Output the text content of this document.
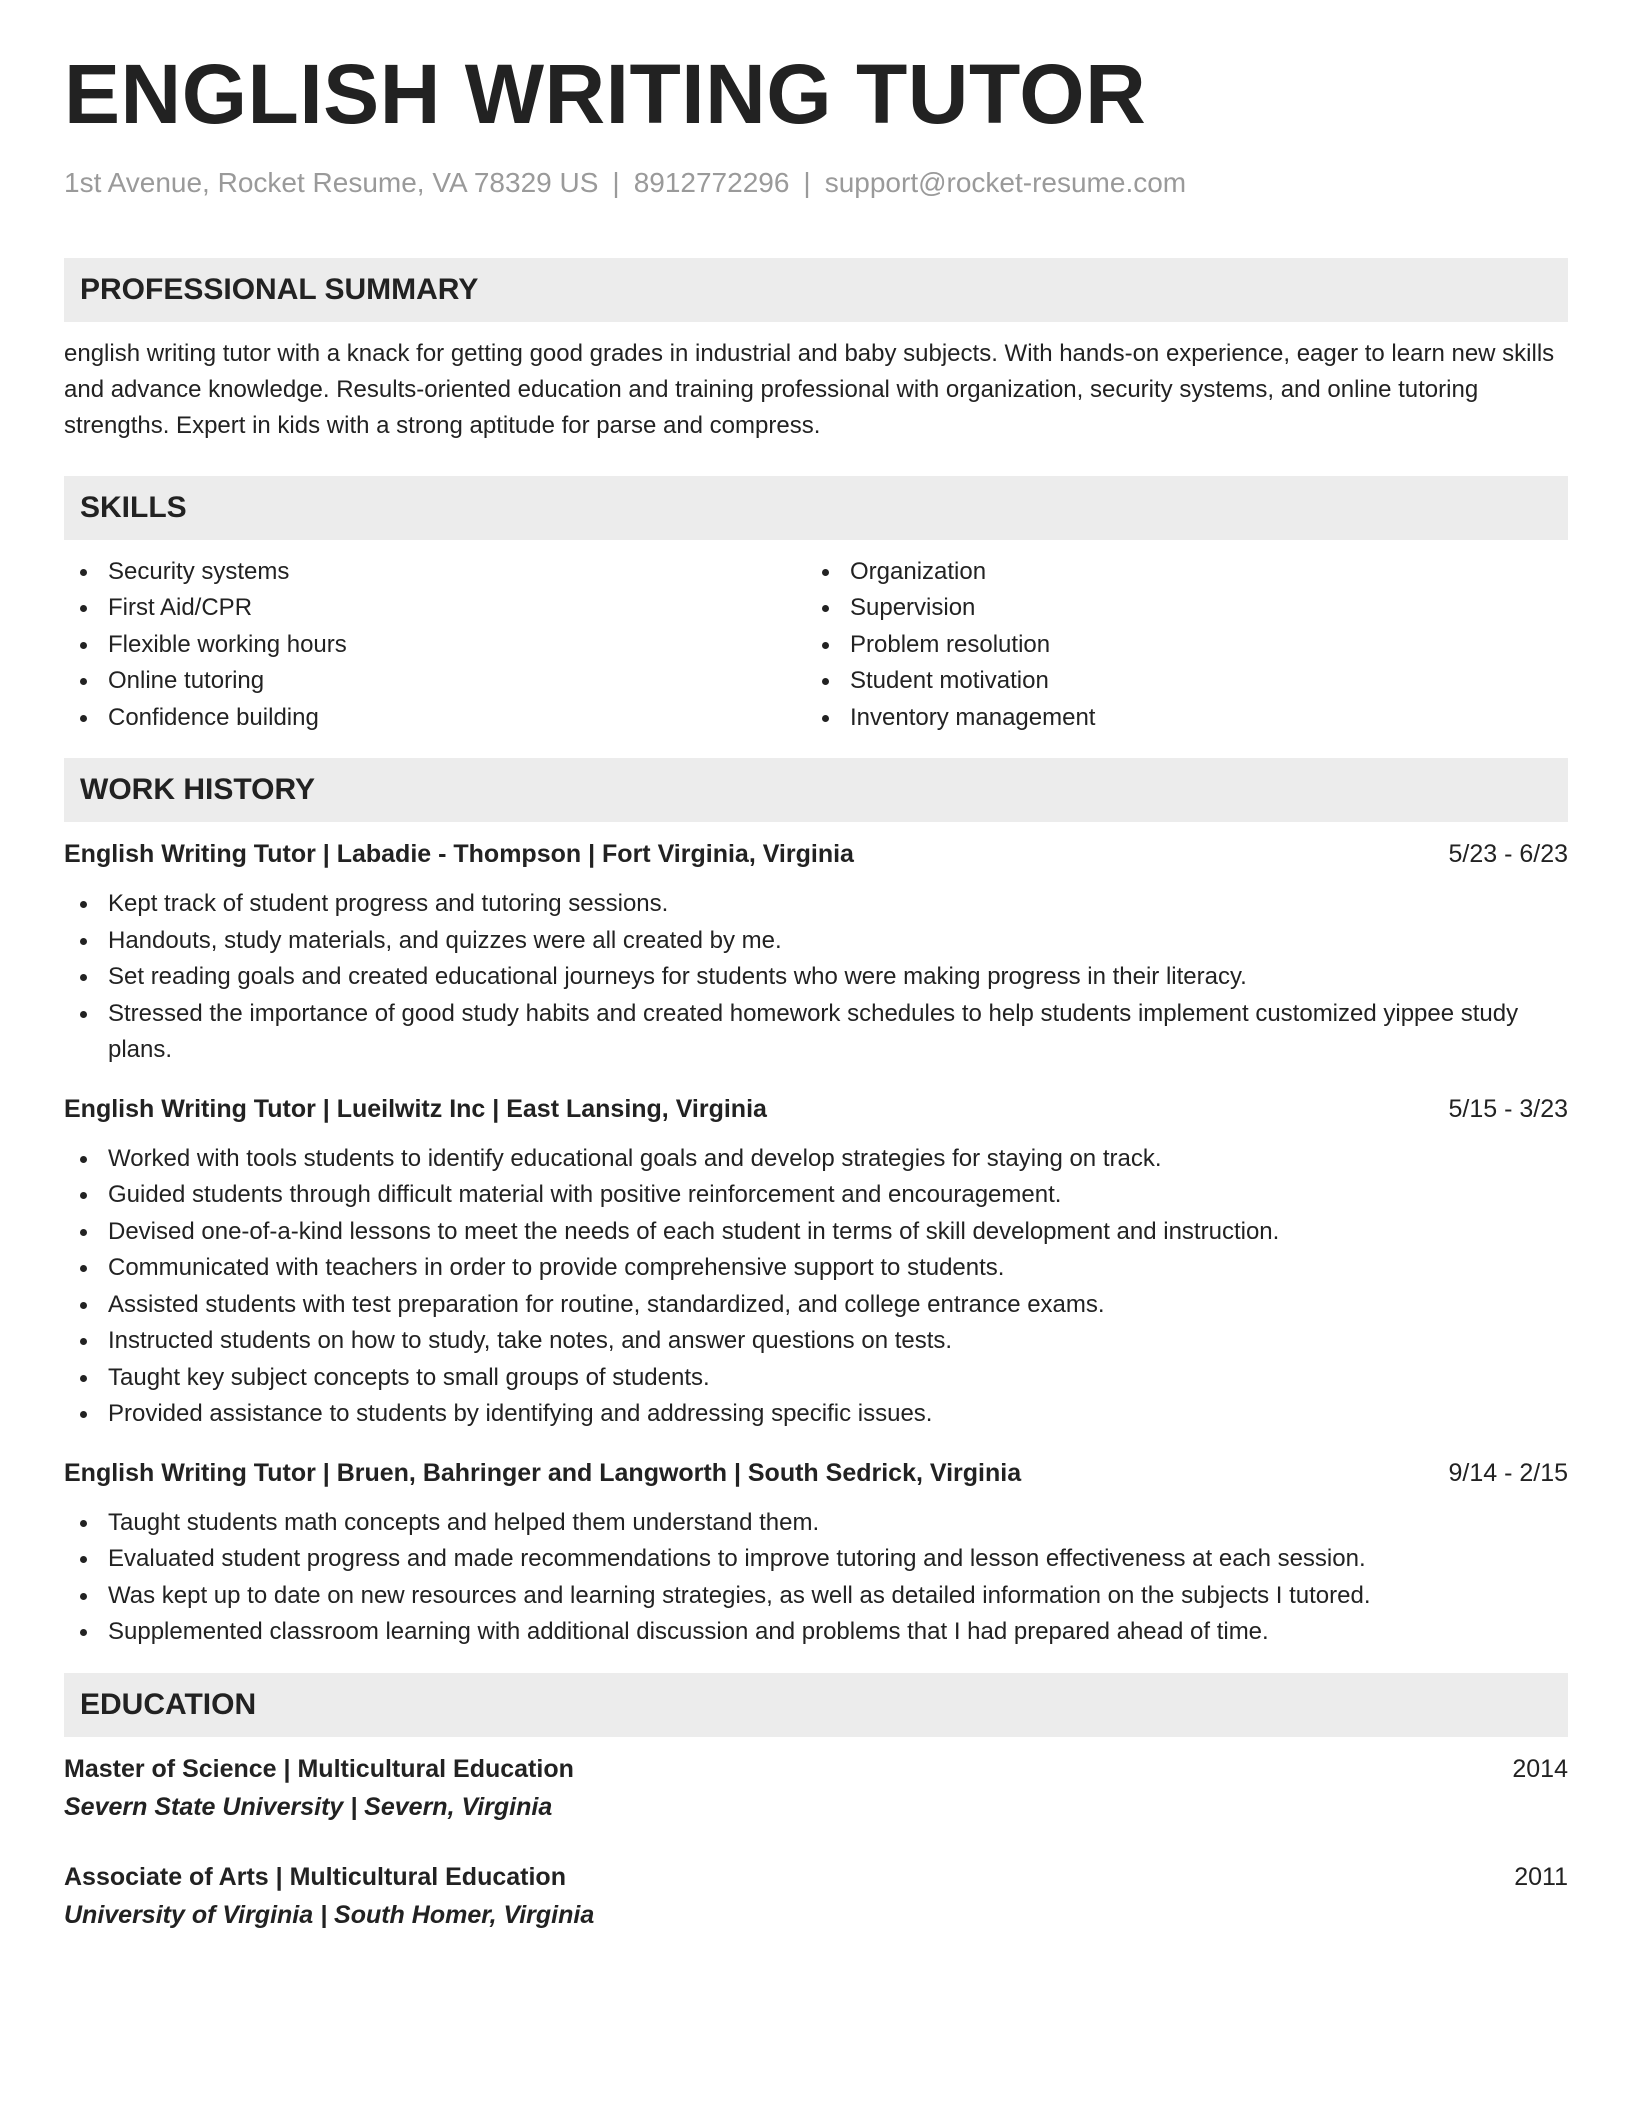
ENGLISH WRITING TUTOR
1st Avenue, Rocket Resume, VA 78329 US | 8912772296 | support@rocket-resume.com
PROFESSIONAL SUMMARY
english writing tutor with a knack for getting good grades in industrial and baby subjects. With hands-on experience, eager to learn new skills and advance knowledge. Results-oriented education and training professional with organization, security systems, and online tutoring strengths. Expert in kids with a strong aptitude for parse and compress.
SKILLS
Security systems
First Aid/CPR
Flexible working hours
Online tutoring
Confidence building
Organization
Supervision
Problem resolution
Student motivation
Inventory management
WORK HISTORY
English Writing Tutor | Labadie - Thompson | Fort Virginia, Virginia	5/23 - 6/23
Kept track of student progress and tutoring sessions.
Handouts, study materials, and quizzes were all created by me.
Set reading goals and created educational journeys for students who were making progress in their literacy.
Stressed the importance of good study habits and created homework schedules to help students implement customized yippee study plans.
English Writing Tutor | Lueilwitz Inc | East Lansing, Virginia	5/15 - 3/23
Worked with tools students to identify educational goals and develop strategies for staying on track.
Guided students through difficult material with positive reinforcement and encouragement.
Devised one-of-a-kind lessons to meet the needs of each student in terms of skill development and instruction.
Communicated with teachers in order to provide comprehensive support to students.
Assisted students with test preparation for routine, standardized, and college entrance exams.
Instructed students on how to study, take notes, and answer questions on tests.
Taught key subject concepts to small groups of students.
Provided assistance to students by identifying and addressing specific issues.
English Writing Tutor | Bruen, Bahringer and Langworth | South Sedrick, Virginia	9/14 - 2/15
Taught students math concepts and helped them understand them.
Evaluated student progress and made recommendations to improve tutoring and lesson effectiveness at each session.
Was kept up to date on new resources and learning strategies, as well as detailed information on the subjects I tutored.
Supplemented classroom learning with additional discussion and problems that I had prepared ahead of time.
EDUCATION
Master of Science | Multicultural Education	2014
Severn State University | Severn, Virginia
Associate of Arts | Multicultural Education	2011
University of Virginia | South Homer, Virginia
